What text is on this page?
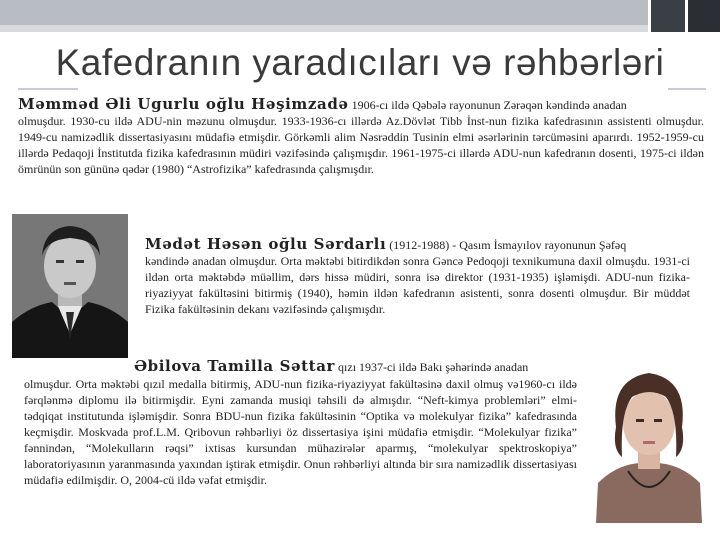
Kafedranın yaradıcıları və rəhbərləri
Məmməd Əli Ugurlu oğlu Həşimzadə 1906-cı ildə Qəbələ rayonunun Zərəqən kəndində anadan
olmuşdur. 1930-cu ildə ADU-nin məzunu olmuşdur. 1933-1936-cı illərdə Az.Dövlət Tibb İnst-nun fizika kafedrasının assistenti olmuşdur. 1949-cu namizədlik dissertasiyasını müdafiə etmişdir. Görkəmli alim Nəsrəddin Tusinin elmi əsərlərinin tərcüməsini aparırdı. 1952-1959-cu illərdə Pedaqoji İnstitutda fizika kafedrasının müdiri vəzifəsində çalışmışdır. 1961-1975-ci illərdə ADU-nun kafedranın dosenti, 1975-ci ildən ömrünün son gününə qədər (1980) “Astrofizika” kafedrasında çalışmışdır.
Mədət Həsən oğlu Sərdarlı (1912-1988) - Qasım İsmayılov rayonunun Şəfəq
kəndində anadan olmuşdur. Orta məktəbi bitirdikdən sonra Gəncə Pedoqoji texnikumuna daxil olmuşdu. 1931-ci ildən orta məktəbdə müəllim, dərs hissə müdiri, sonra isə direktor (1931-1935) işləmişdi. ADU-nun fizika-riyaziyyat fakültəsini bitirmiş (1940), həmin ildən kafedranın asistenti, sonra dosenti olmuşdur. Bir müddət Fizika fakültəsinin dekanı vəzifəsində çalışmışdır.
Əbilova Tamilla Səttar qızı 1937-ci ildə Bakı şəhərində anadan
olmuşdur. Orta məktəbi qızıl medalla bitirmiş, ADU-nun fizika-riyaziyyat fakültəsinə daxil olmuş və1960-cı ildə fərqlənmə diplomu ilə bitirmişdir. Eyni zamanda musiqi təhsili də almışdır. “Neft-kimya problemləri” elmi-tədqiqat institutunda işləmişdir. Sonra BDU-nun fizika fakültəsinin “Optika və molekulyar fizika” kafedrasında keçmişdir. Moskvada prof.L.M. Qribovun rəhbərliyi öz dissertasiya işini müdafiə etmişdir. “Molekulyar fizika” fənnindən, “Molekulların rəqsi” ixtisas kursundan mühazirələr aparmış, “molekulyar spektroskopiya” laboratoriyasının yaranmasında yaxından iştirak etmişdir. Onun rəhbərliyi altında bir sıra namizədlik dissertasiyası müdafiə edilmişdir. O, 2004-cü ildə vəfat etmişdir.
